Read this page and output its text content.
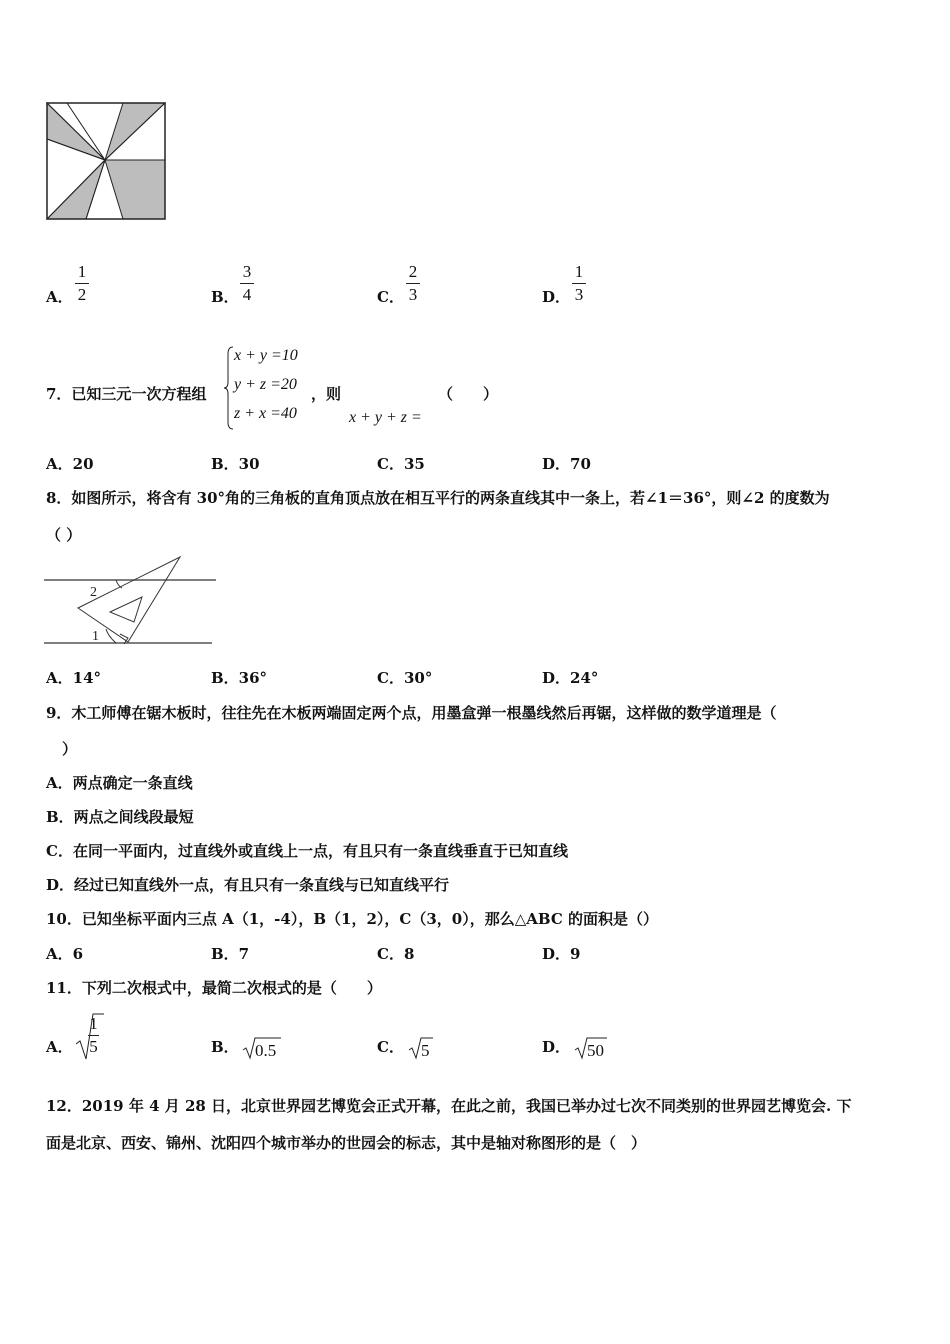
A．
1
2	B．
3
4	C．
2
3	D．
1
3
7．已知三元一次方程组
x + y =10
y + z =20
z + x =40
，则	（　　）
x + y + z =
A．20	B．30	C．35	D．70
8．如图所示，将含有 30°角的三角板的直角顶点放在相互平行的两条直线其中一条上，若∠1＝36°，则∠2 的度数为
（ ）
2
1
A．14°	B．36°	C．30°	D．24°
9．木工师傅在锯木板时，往往先在木板两端固定两个点，用墨盒弹一根墨线然后再锯，这样做的数学道理是（
）
A．两点确定一条直线
B．两点之间线段最短
C．在同一平面内，过直线外或直线上一点，有且只有一条直线垂直于已知直线
D．经过已知直线外一点，有且只有一条直线与已知直线平行
10．已知坐标平面内三点 A（1，-4），B（1，2），C（3，0），那么△ABC 的面积是（）
A．6	B．7	C．8	D．9
11．下列二次根式中，最简二次根式的是（　　）
A．
1
5	B． 0.5	C． 5	D． 50
12．2019 年 4 月 28 日，北京世界园艺博览会正式开幕，在此之前，我国已举办过七次不同类别的世界园艺博览会. 下
面是北京、西安、锦州、沈阳四个城市举办的世园会的标志，其中是轴对称图形的是（　）
